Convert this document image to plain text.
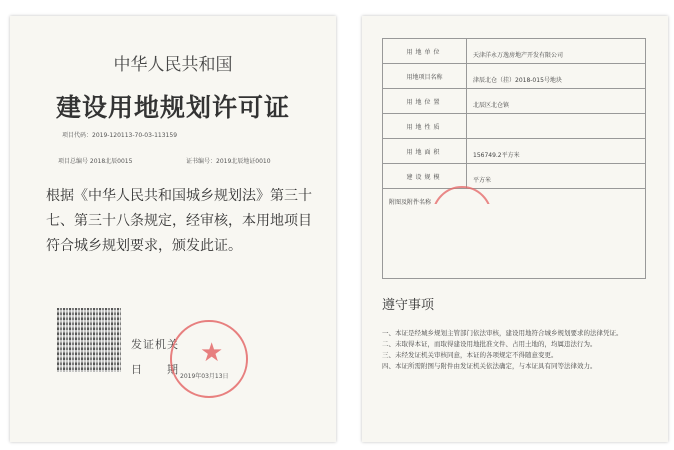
中华人民共和国
建设用地规划许可证
项目代码：2019-120113-70-03-113159
项目总编号 2018北辰0015	证书编号：2019北辰地证0010
根据《中华人民共和国城乡规划法》第三十七、第三十八条规定，经审核，本用地项目符合城乡规划要求，颁发此证。
发证机关
日　　期
★
2019年03月13日
用地单位	天津洋永万逸房地产开发有限公司
用地项目名称	津辰北仓（挂）2018-015号地块
用地位置	北辰区北仓镇
用地性质	
用地面积	156749.2平方米
建设规模	平方米
附图及附件名称	
遵守事项
一、本证是经城乡规划主管部门依法审核，建设用地符合城乡规划要求的法律凭证。
二、未取得本证，而取得建设用地批准文件、占用土地的，均属违法行为。
三、未经发证机关审核同意，本证的各项规定不得随意变更。
四、本证所需附图与附件由发证机关依法确定，与本证具有同等法律效力。
